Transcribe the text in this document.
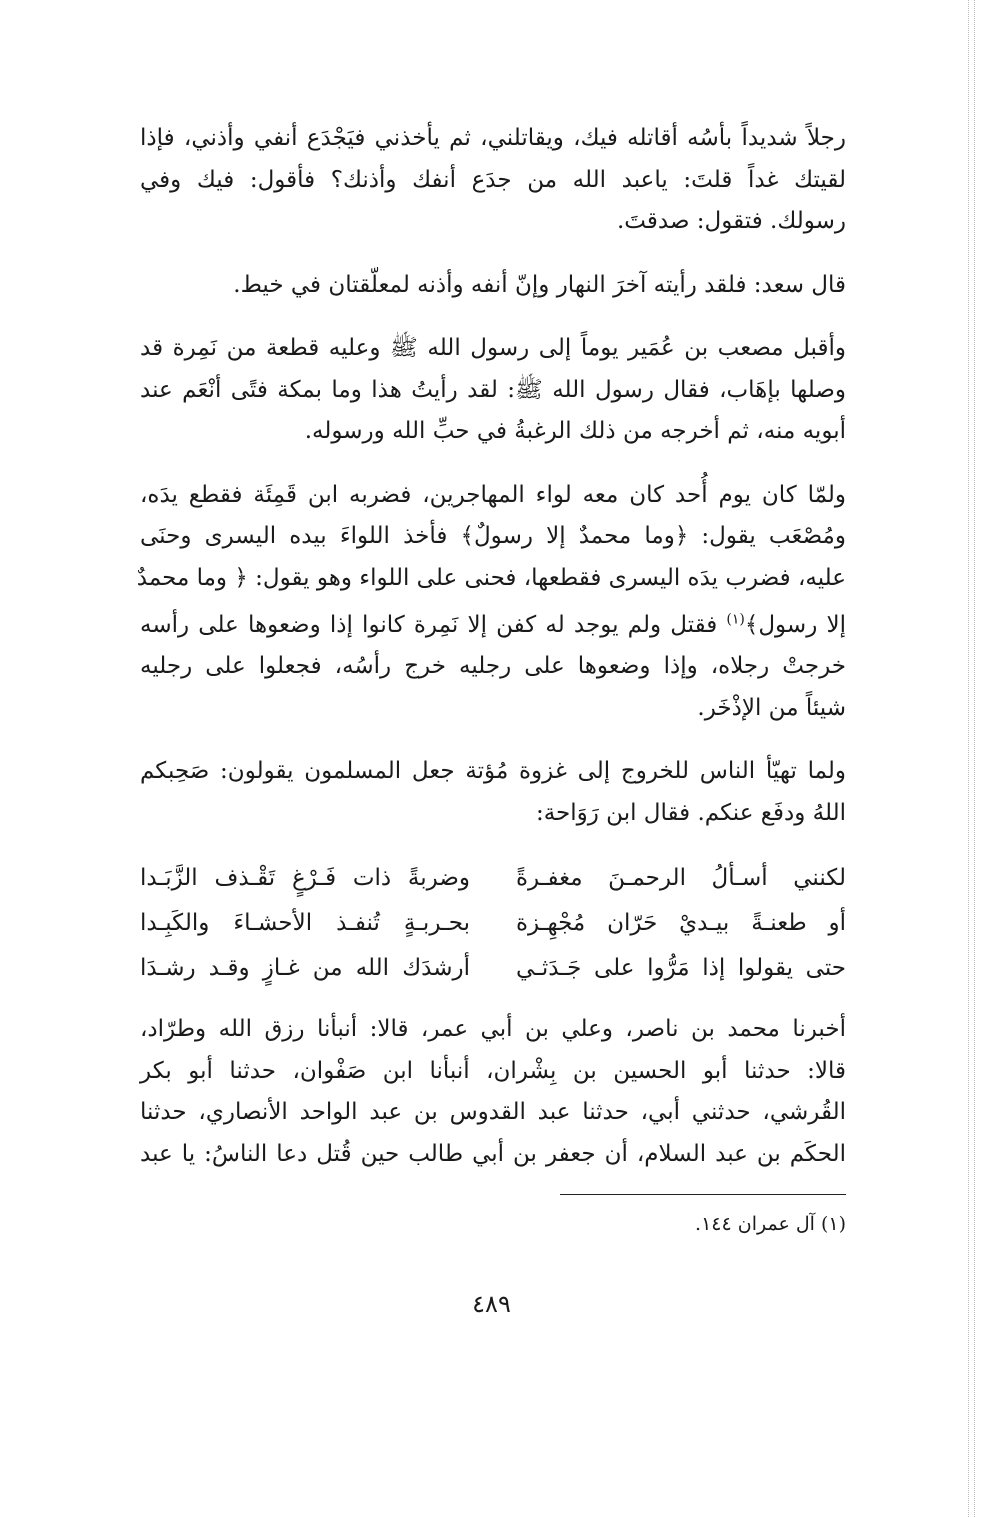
رجلاً شديداً بأسُه أقاتله فيك، ويقاتلني، ثم يأخذني فيَجْدَع أنفي وأذني، فإذا
لقيتك غداً قلتَ: ياعبد الله من جدَع أنفك وأذنك؟ فأقول: فيك وفي
رسولك. فتقول: صدقتَ.
قال سعد: فلقد رأيته آخرَ النهار وإنّ أنفه وأذنه لمعلّقتان في خيط.
وأقبل مصعب بن عُمَير يوماً إلى رسول الله ﷺ وعليه قطعة من نَمِرة قد
وصلها بإهَاب، فقال رسول الله ﷺ: لقد رأيتُ هذا وما بمكة فتًى أنْعَم عند
أبويه منه، ثم أخرجه من ذلك الرغبةُ في حبِّ الله ورسوله.
ولمّا كان يوم أُحد كان معه لواء المهاجرين، فضربه ابن قَمِئَة فقطع يدَه،
ومُصْعَب يقول: ﴿وما محمدٌ إلا رسولٌ﴾ فأخذ اللواءَ بيده اليسرى وحنَى
عليه، فضرب يدَه اليسرى فقطعها، فحنى على اللواء وهو يقول: ﴿ وما محمدٌ
إلا رسول﴾$^{(١)}$ فقتل ولم يوجد له كفن إلا نَمِرة كانوا إذا وضعوها على رأسه
خرجتْ رجلاه، وإذا وضعوها على رجليه خرج رأسُه، فجعلوا على رجليه
شيئاً من الإذْخَر.
ولما تهيّأ الناس للخروج إلى غزوة مُؤتة جعل المسلمون يقولون: صَحِبكم
اللهُ ودفَع عنكم. فقال ابن رَوَاحة:
لكنني أسـألُ الرحمـنَ مغفـرةً
وضربةً ذات فَـرْغٍ تَقْـذف الزَّبَـدا
أو طعنـةً بيـديْ حَرّان مُجْهِـزة
بحـربـةٍ تُنفـذ الأحشـاءَ والكَبِـدا
حتى يقولوا إذا مَرُّوا على جَـدَثـي
أرشدَك الله من غـازٍ وقـد رشـدَا
أخبرنا محمد بن ناصر، وعلي بن أبي عمر، قالا: أنبأنا رزق الله وطرّاد،
قالا: حدثنا أبو الحسين بن بِشْران، أنبأنا ابن صَفْوان، حدثنا أبو بكر
القُرشي، حدثني أبي، حدثنا عبد القدوس بن عبد الواحد الأنصاري، حدثنا
الحكَم بن عبد السلام، أن جعفر بن أبي طالب حين قُتل دعا الناسُ: يا عبد
(١) آل عمران ١٤٤.
٤٨٩
